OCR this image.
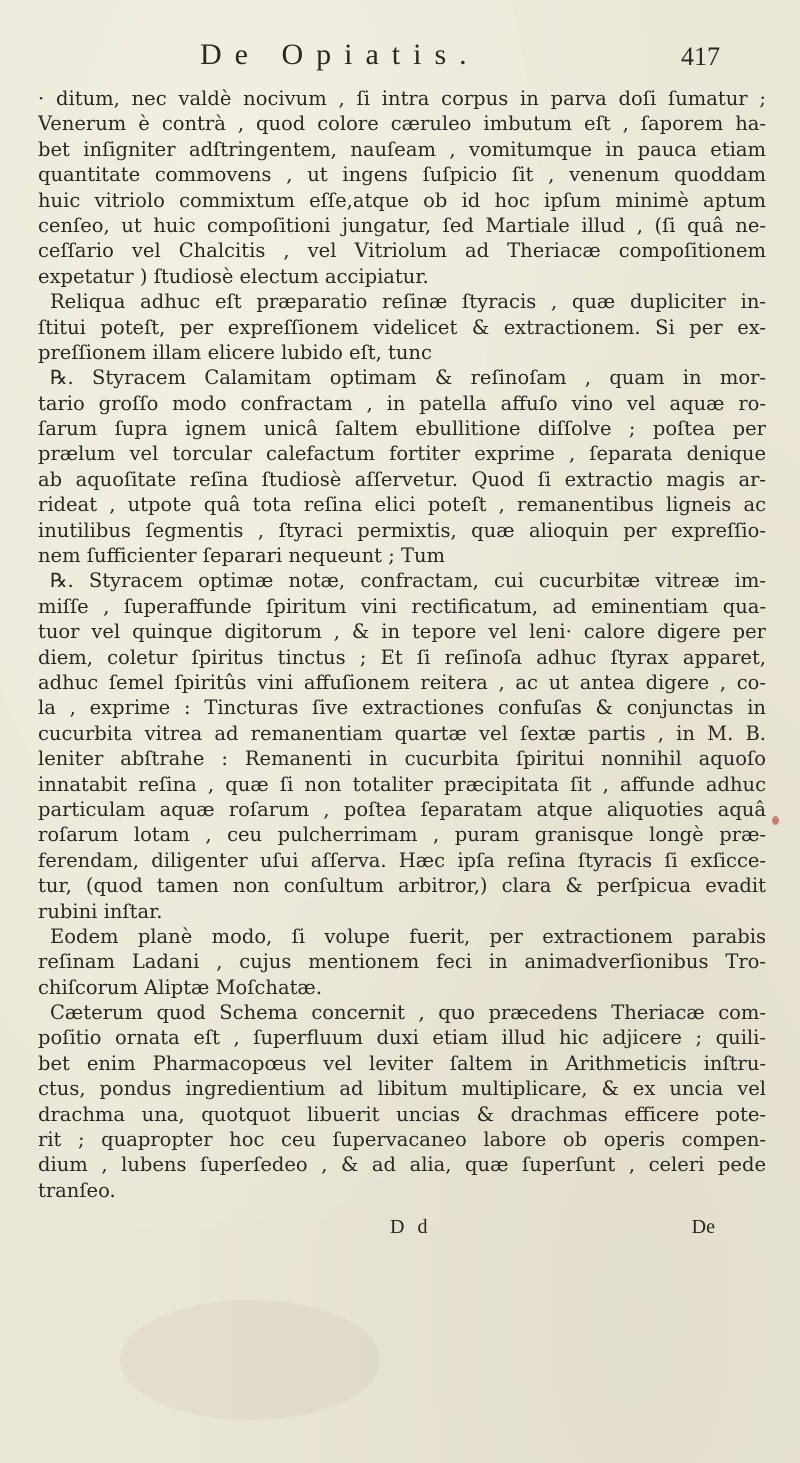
De Opiatis.	417
· ditum, nec valdè nocivum , ſi intra corpus in parva doſi ſumatur ;
Venerum è contrà , quod colore cæruleo imbutum eſt , ſaporem ha-
bet inſigniter adſtringentem, nauſeam , vomitumque in pauca etiam
quantitate commovens , ut ingens ſuſpicio ſit , venenum quoddam
huic vitriolo commixtum eſſe,atque ob id hoc ipſum minimè aptum
cenſeo, ut huic compoſitioni jungatur, ſed Martiale illud , (ſi quâ ne-
ceſſario vel Chalcitis , vel Vitriolum ad Theriacæ compoſitionem
expetatur ) ſtudiosè electum accipiatur.
Reliqua adhuc eſt præparatio reſinæ ſtyracis , quæ dupliciter in-
ſtitui poteſt, per expreſſionem videlicet & extractionem. Si per ex-
preſſionem illam elicere lubido eſt, tunc
℞. Styracem Calamitam optimam & reſinoſam , quam in mor-
tario groſſo modo confractam , in patella affuſo vino vel aquæ ro-
ſarum ſupra ignem unicâ ſaltem ebullitione diſſolve ; poſtea per
prælum vel torcular calefactum fortiter exprime , ſeparata denique
ab aquoſitate reſina ſtudiosè aſſervetur. Quod ſi extractio magis ar-
rideat , utpote quâ tota reſina elici poteſt , remanentibus ligneis ac
inutilibus ſegmentis , ſtyraci permixtis, quæ alioquin per expreſſio-
nem ſufficienter ſeparari nequeunt ; Tum
℞. Styracem optimæ notæ, confractam, cui cucurbitæ vitreæ im-
miſſe , ſuperaffunde ſpiritum vini rectificatum, ad eminentiam qua-
tuor vel quinque digitorum , & in tepore vel leni· calore digere per
diem, coletur ſpiritus tinctus ; Et ſi reſinoſa adhuc ſtyrax apparet,
adhuc ſemel ſpiritûs vini affuſionem reitera , ac ut antea digere , co-
la , exprime : Tincturas ſive extractiones confuſas & conjunctas in
cucurbita vitrea ad remanentiam quartæ vel ſextæ partis , in M. B.
leniter abſtrahe : Remanenti in cucurbita ſpiritui nonnihil aquoſo
innatabit reſina , quæ ſi non totaliter præcipitata ſit , affunde adhuc
particulam aquæ roſarum , poſtea ſeparatam atque aliquoties aquâ
roſarum lotam , ceu pulcherrimam , puram granisque longè præ-
ferendam, diligenter uſui aſſerva. Hæc ipſa reſina ſtyracis ſi exſicce-
tur, (quod tamen non conſultum arbitror,) clara & perſpicua evadit
rubini inſtar.
Eodem planè modo, ſi volupe fuerit, per extractionem parabis
reſinam Ladani , cujus mentionem feci in animadverſionibus Tro-
chiſcorum Aliptæ Moſchatæ.
Cæterum quod Schema concernit , quo præcedens Theriacæ com-
poſitio ornata eſt , ſuperfluum duxi etiam illud hic adjicere ; quili-
bet enim Pharmacopœus vel leviter ſaltem in Arithmeticis inſtru-
ctus, pondus ingredientium ad libitum multiplicare, & ex uncia vel
drachma una, quotquot libuerit uncias & drachmas efficere pote-
rit ; quapropter hoc ceu ſupervacaneo labore ob operis compen-
dium , lubens ſuperſedeo , & ad alia, quæ ſuperſunt , celeri pede
tranſeo.
D d	De
